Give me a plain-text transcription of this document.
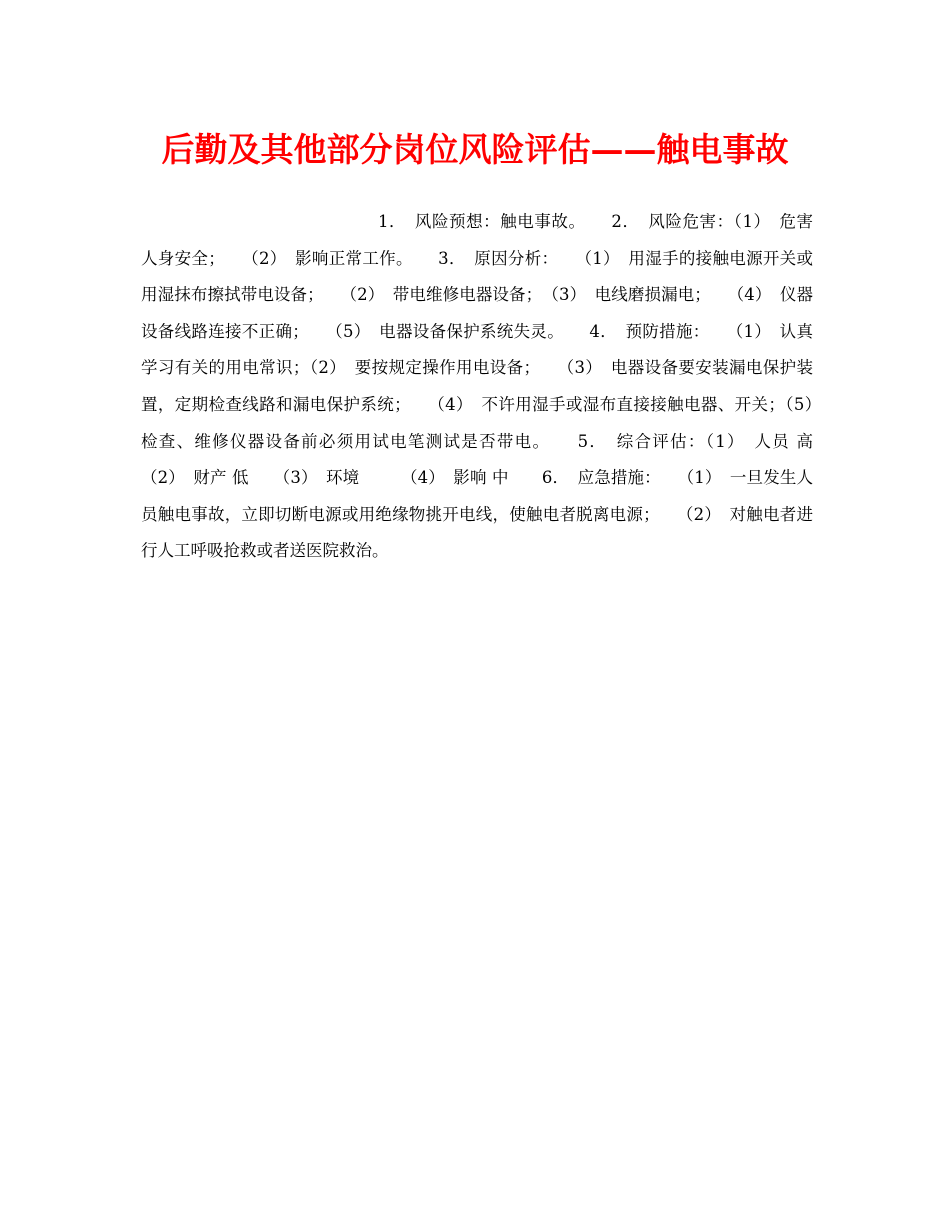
后勤及其他部分岗位风险评估——触电事故

1．　风险预想：触电事故。　　2．　风险危害：（1）　危害人身安全；　　（2）　影响正常工作。　　3．　原因分析：　　（1）　用湿手的接触电源开关或用湿抹布擦拭带电设备；　　（2）　带电维修电器设备；　（3）　电线磨损漏电；　　（4）　仪器设备线路连接不正确；　　（5）　电器设备保护系统失灵。　　4．　预防措施：　　（1）　认真学习有关的用电常识；（2）　要按规定操作用电设备；　　（3）　电器设备要安装漏电保护装置，定期检查线路和漏电保护系统；　　（4）　不许用湿手或湿布直接接触电器、开关；（5）　检查、维修仪器设备前必须用试电笔测试是否带电。　　5．　综合评估：（1）　人员 高　　（2）　财产 低　　（3）　环境　　　（4）　影响 中　　6．　应急措施：　　（1）　一旦发生人员触电事故，立即切断电源或用绝缘物挑开电线，使触电者脱离电源；　　（2）　对触电者进行人工呼吸抢救或者送医院救治。
